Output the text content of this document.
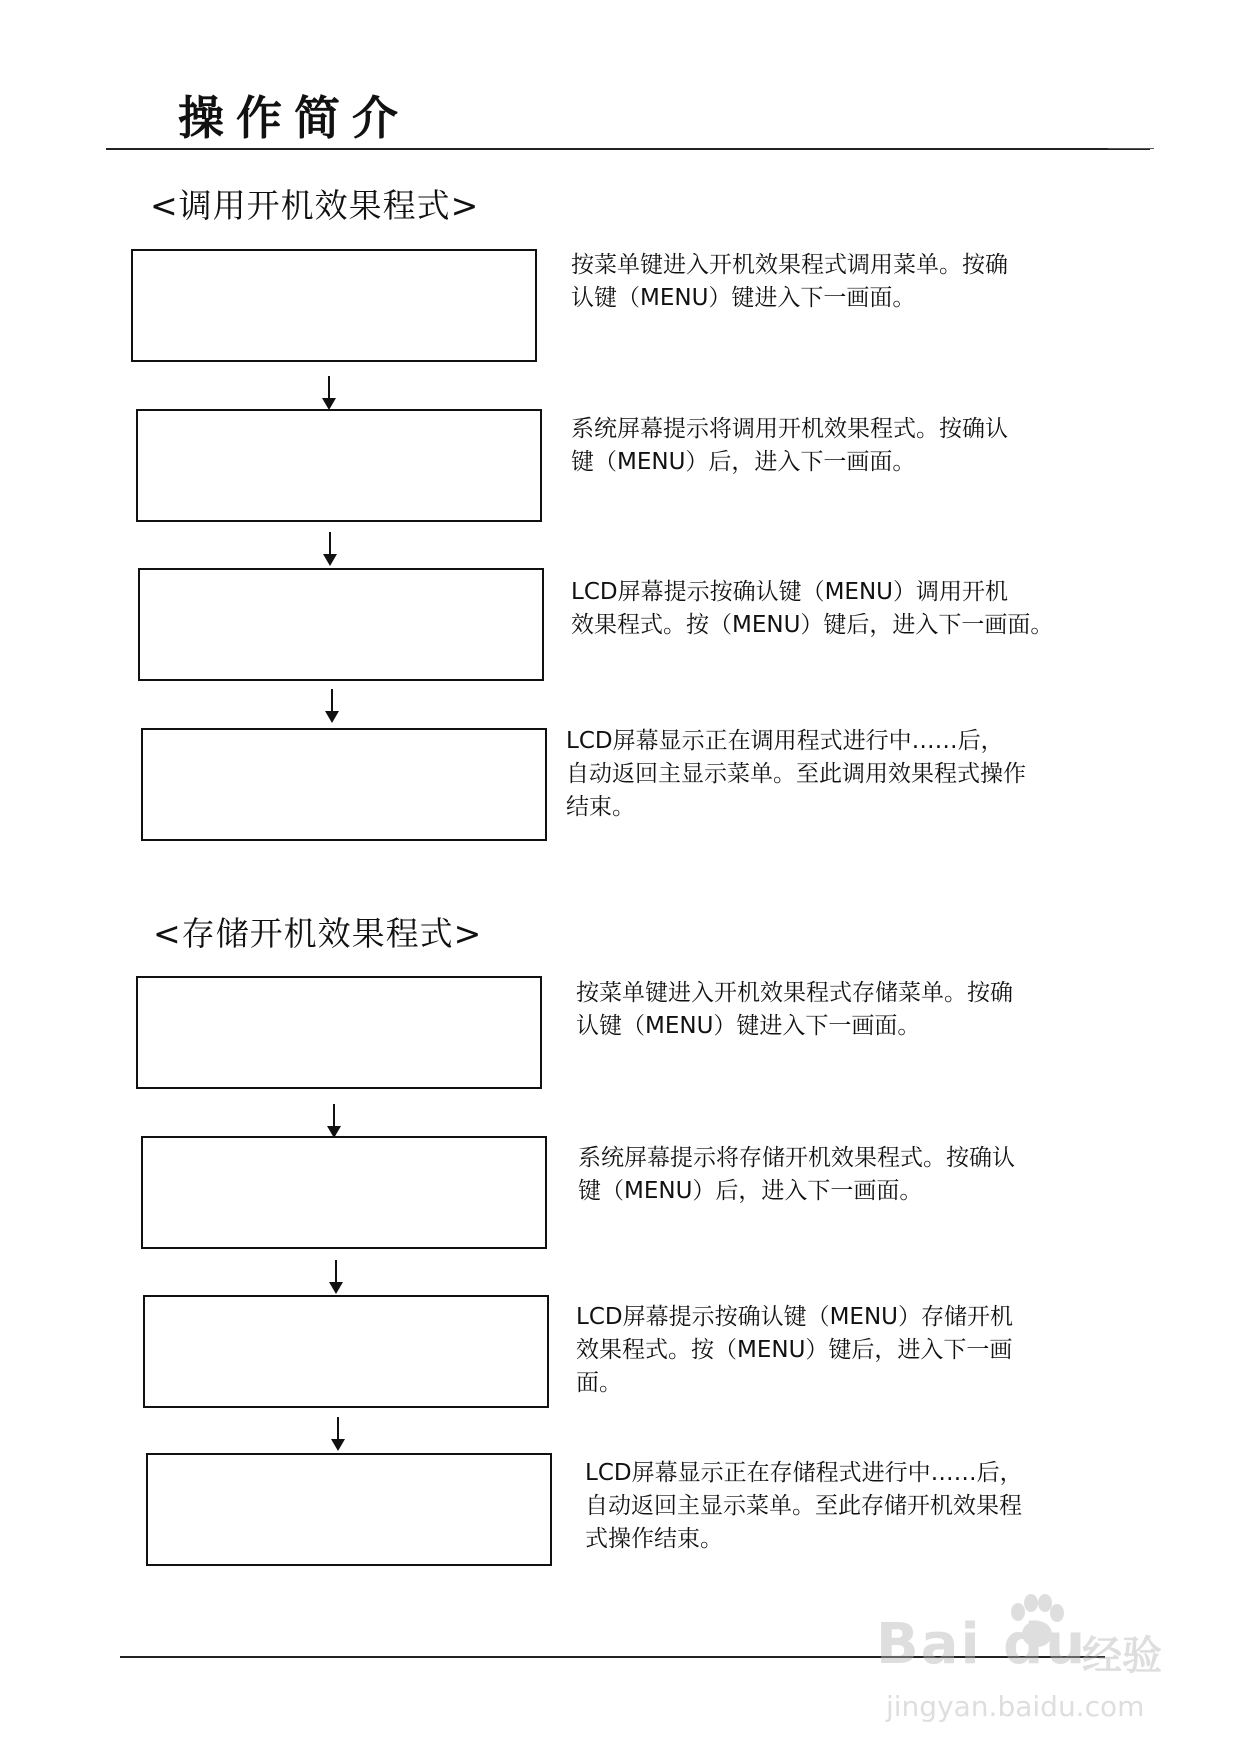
操作简介
<调用开机效果程式>
按菜单键进入开机效果程式调用菜单。按确
认键（MENU）键进入下一画面。
系统屏幕提示将调用开机效果程式。按确认
键（MENU）后，进入下一画面。
LCD屏幕提示按确认键（MENU）调用开机
效果程式。按（MENU）键后，进入下一画面。
LCD屏幕显示正在调用程式进行中……后，
自动返回主显示菜单。至此调用效果程式操作
结束。
<存储开机效果程式>
按菜单键进入开机效果程式存储菜单。按确
认键（MENU）键进入下一画面。
系统屏幕提示将存储开机效果程式。按确认
键（MENU）后，进入下一画面。
LCD屏幕提示按确认键（MENU）存储开机
效果程式。按（MENU）键后，进入下一画
面。
LCD屏幕显示正在存储程式进行中……后，
自动返回主显示菜单。至此存储开机效果程
式操作结束。
Bai du
经验
jingyan.baidu.com
